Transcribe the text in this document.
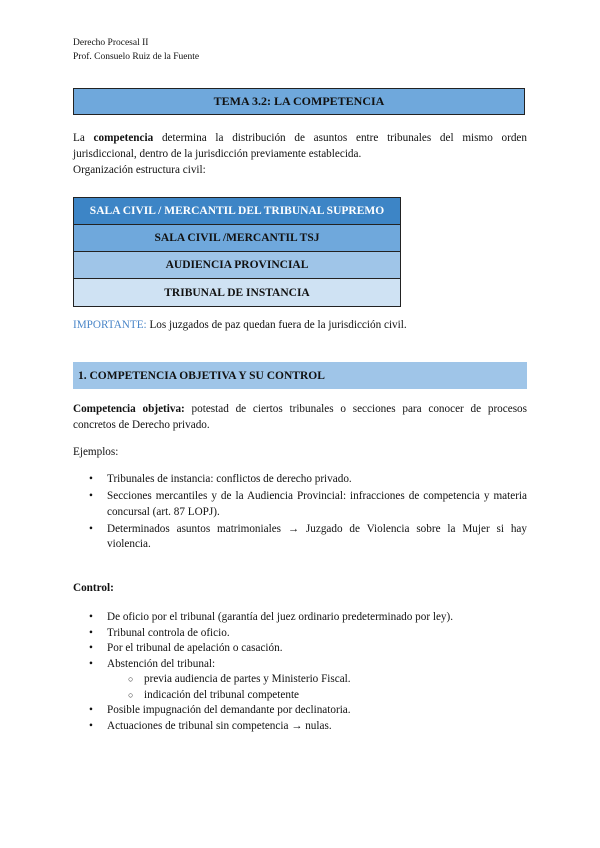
Derecho Procesal II
Prof. Consuelo Ruiz de la Fuente
TEMA 3.2: LA COMPETENCIA
La competencia determina la distribución de asuntos entre tribunales del mismo orden jurisdiccional, dentro de la jurisdicción previamente establecida.
Organización estructura civil:
SALA CIVIL / MERCANTIL DEL TRIBUNAL SUPREMO
SALA CIVIL /MERCANTIL TSJ
AUDIENCIA PROVINCIAL
TRIBUNAL DE INSTANCIA
IMPORTANTE: Los juzgados de paz quedan fuera de la jurisdicción civil.
1. COMPETENCIA OBJETIVA Y SU CONTROL
Competencia objetiva: potestad de ciertos tribunales o secciones para conocer de procesos concretos de Derecho privado.
Ejemplos:
• Tribunales de instancia: conflictos de derecho privado.
• Secciones mercantiles y de la Audiencia Provincial: infracciones de competencia y materia concursal (art. 87 LOPJ).
• Determinados asuntos matrimoniales → Juzgado de Violencia sobre la Mujer si hay violencia.
Control:
• De oficio por el tribunal (garantía del juez ordinario predeterminado por ley).
• Tribunal controla de oficio.
• Por el tribunal de apelación o casación.
• Abstención del tribunal:
○ previa audiencia de partes y Ministerio Fiscal.
○ indicación del tribunal competente
• Posible impugnación del demandante por declinatoria.
• Actuaciones de tribunal sin competencia → nulas.
